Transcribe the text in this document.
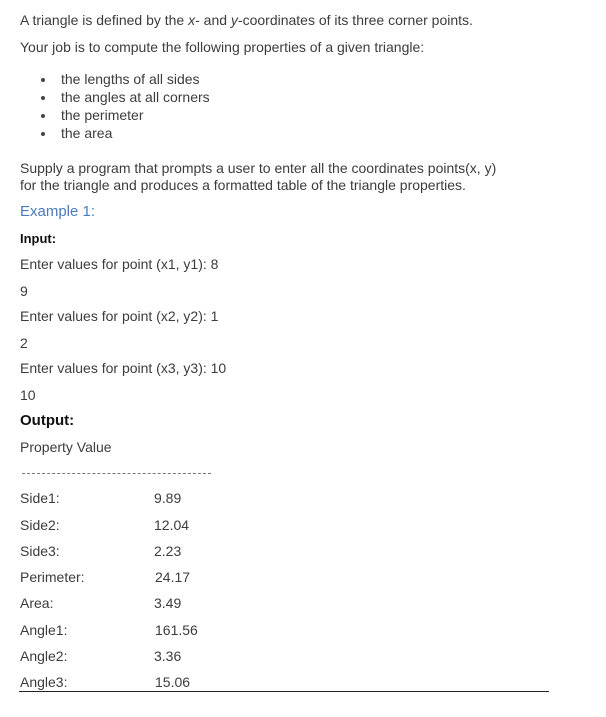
A triangle is defined by the x- and y-coordinates of its three corner points.
Your job is to compute the following properties of a given triangle:
the lengths of all sides
the angles at all corners
the perimeter
the area
Supply a program that prompts a user to enter all the coordinates points(x, y)
for the triangle and produces a formatted table of the triangle properties.
Example 1:
Input:
Enter values for point (x1, y1): 8
9
Enter values for point (x2, y2): 1
2
Enter values for point (x3, y3): 10
10
Output:
Property Value
Side1:	9.89
Side2:	12.04
Side3:	2.23
Perimeter:	24.17
Area:	3.49
Angle1:	161.56
Angle2:	3.36
Angle3:	15.06
